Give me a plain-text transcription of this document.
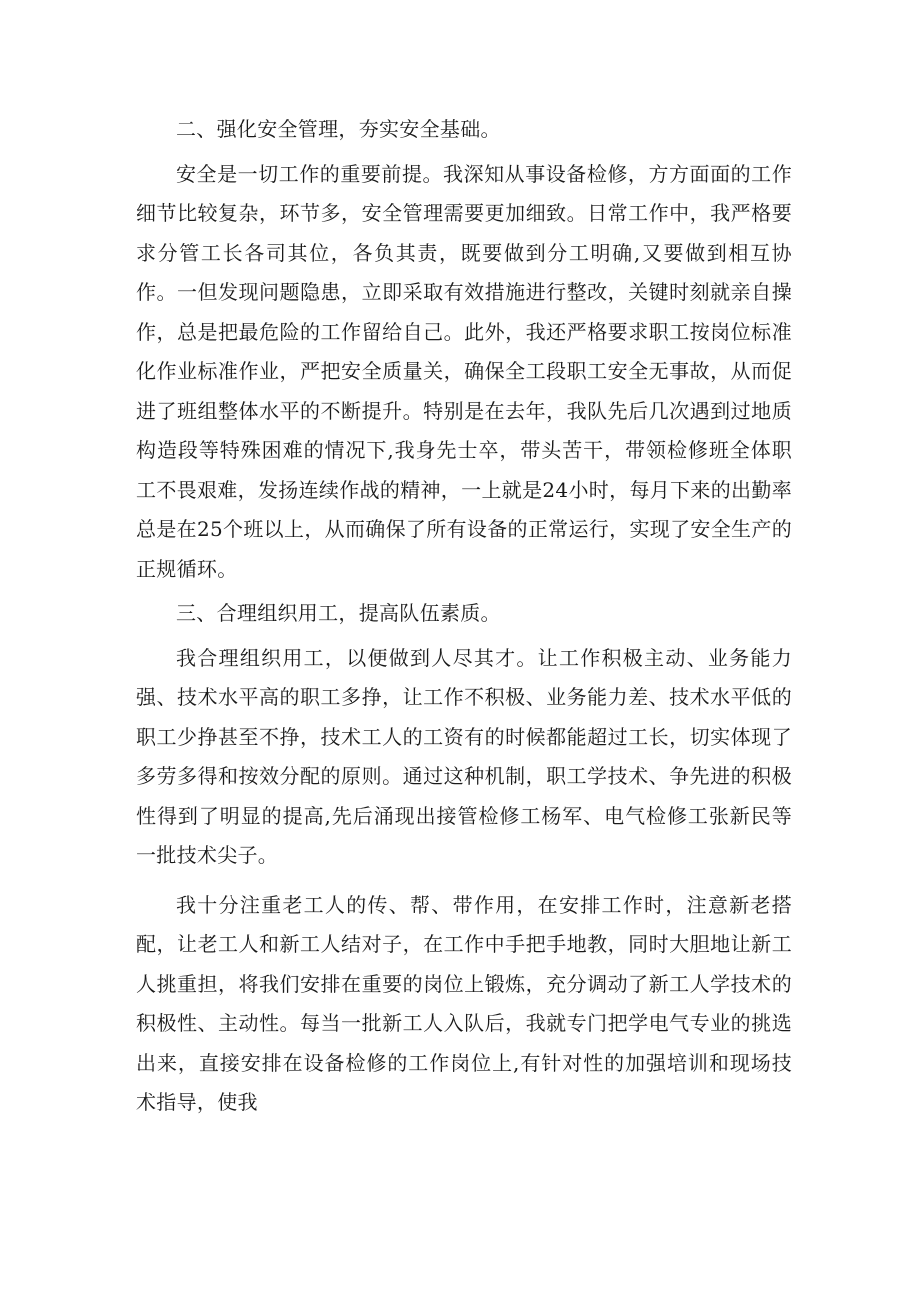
二、强化安全管理，夯实安全基础。

安全是一切工作的重要前提。我深知从事设备检修，方方面面的工作细节比较复杂，环节多，安全管理需要更加细致。日常工作中，我严格要求分管工长各司其位，各负其责，既要做到分工明确,又要做到相互协作。一但发现问题隐患，立即采取有效措施进行整改，关键时刻就亲自操作，总是把最危险的工作留给自己。此外，我还严格要求职工按岗位标准化作业标准作业，严把安全质量关，确保全工段职工安全无事故，从而促进了班组整体水平的不断提升。特别是在去年，我队先后几次遇到过地质构造段等特殊困难的情况下,我身先士卒，带头苦干，带领检修班全体职工不畏艰难，发扬连续作战的精神，一上就是24小时，每月下来的出勤率总是在25个班以上，从而确保了所有设备的正常运行，实现了安全生产的正规循环。

三、合理组织用工，提高队伍素质。

我合理组织用工，以便做到人尽其才。让工作积极主动、业务能力强、技术水平高的职工多挣，让工作不积极、业务能力差、技术水平低的职工少挣甚至不挣，技术工人的工资有的时候都能超过工长，切实体现了多劳多得和按效分配的原则。通过这种机制，职工学技术、争先进的积极性得到了明显的提高,先后涌现出接管检修工杨军、电气检修工张新民等一批技术尖子。

我十分注重老工人的传、帮、带作用，在安排工作时，注意新老搭配，让老工人和新工人结对子，在工作中手把手地教，同时大胆地让新工人挑重担，将我们安排在重要的岗位上锻炼，充分调动了新工人学技术的积极性、主动性。每当一批新工人入队后，我就专门把学电气专业的挑选出来，直接安排在设备检修的工作岗位上,有针对性的加强培训和现场技术指导，使我
